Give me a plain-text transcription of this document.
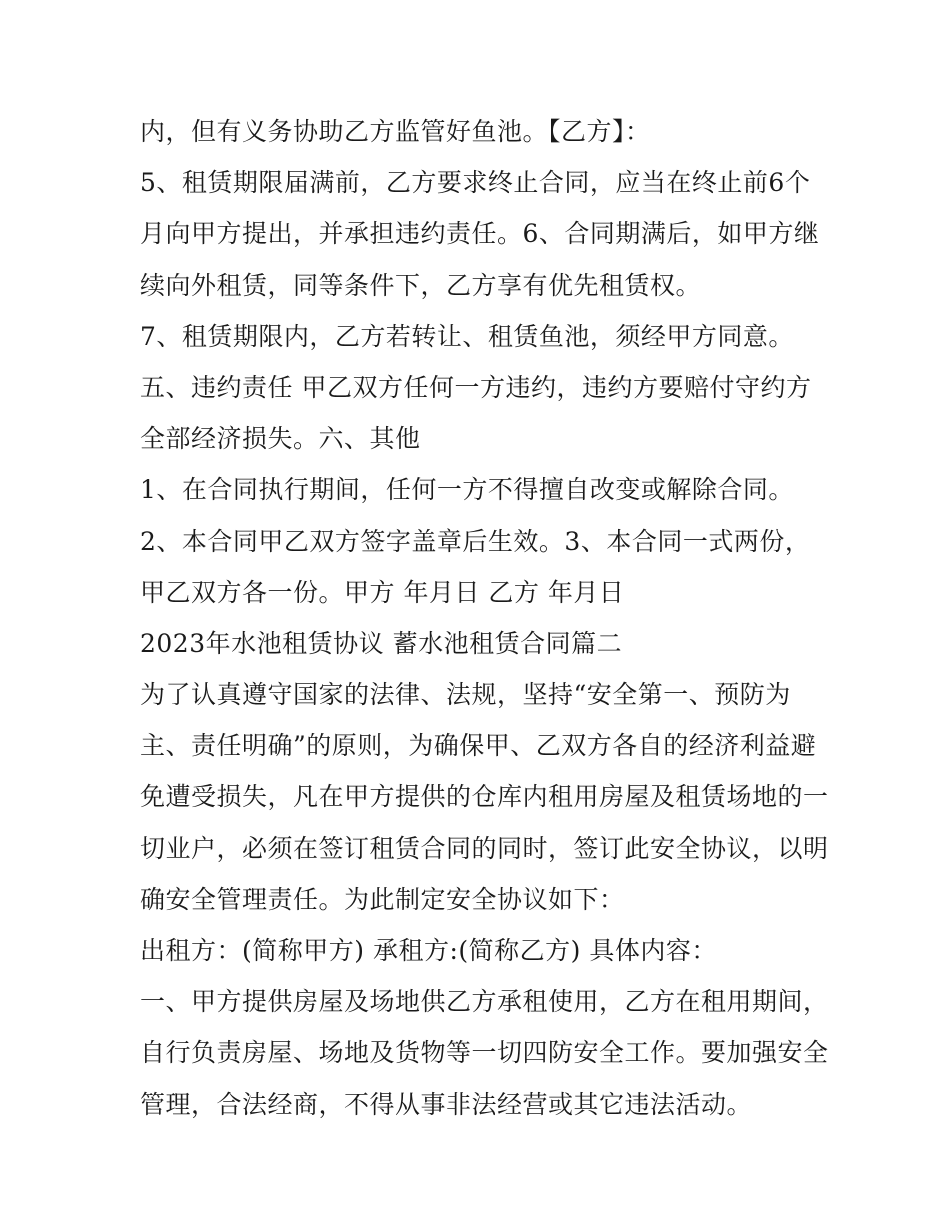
内，但有义务协助乙方监管好鱼池。【乙方】：
5、租赁期限届满前，乙方要求终止合同，应当在终止前6个
月向甲方提出，并承担违约责任。6、合同期满后，如甲方继
续向外租赁，同等条件下，乙方享有优先租赁权。
7、租赁期限内，乙方若转让、租赁鱼池，须经甲方同意。
五、违约责任 甲乙双方任何一方违约，违约方要赔付守约方
全部经济损失。六、其他
1、在合同执行期间，任何一方不得擅自改变或解除合同。
2、本合同甲乙双方签字盖章后生效。3、本合同一式两份，
甲乙双方各一份。甲方 年月日 乙方 年月日
2023年水池租赁协议 蓄水池租赁合同篇二
为了认真遵守国家的法律、法规，坚持“安全第一、预防为
主、责任明确”的原则，为确保甲、乙双方各自的经济利益避
免遭受损失，凡在甲方提供的仓库内租用房屋及租赁场地的一
切业户，必须在签订租赁合同的同时，签订此安全协议，以明
确安全管理责任。为此制定安全协议如下：
出租方：(简称甲方) 承租方:(简称乙方) 具体内容：
一、甲方提供房屋及场地供乙方承租使用，乙方在租用期间，
自行负责房屋、场地及货物等一切四防安全工作。要加强安全
管理，合法经商，不得从事非法经营或其它违法活动。
